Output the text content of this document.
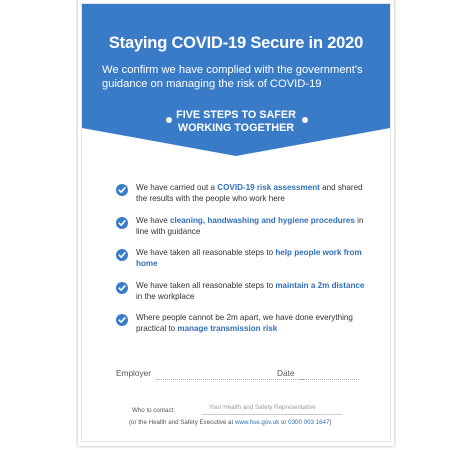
Staying COVID-19 Secure in 2020
We confirm we have complied with the government's guidance on managing the risk of COVID-19
FIVE STEPS TO SAFER
WORKING TOGETHER
We have carried out a COVID-19 risk assessment and shared the results with the people who work here
We have cleaning, handwashing and hygiene procedures in line with guidance
We have taken all reasonable steps to help people work from home
We have taken all reasonable steps to maintain a 2m distance in the workplace
Where people cannot be 2m apart, we have done everything practical to manage transmission risk
Employer	Date
Who to contact:	Your Health and Safety Representative
(or the Health and Safety Executive at www.hse.gov.uk or 0300 003 1647)
